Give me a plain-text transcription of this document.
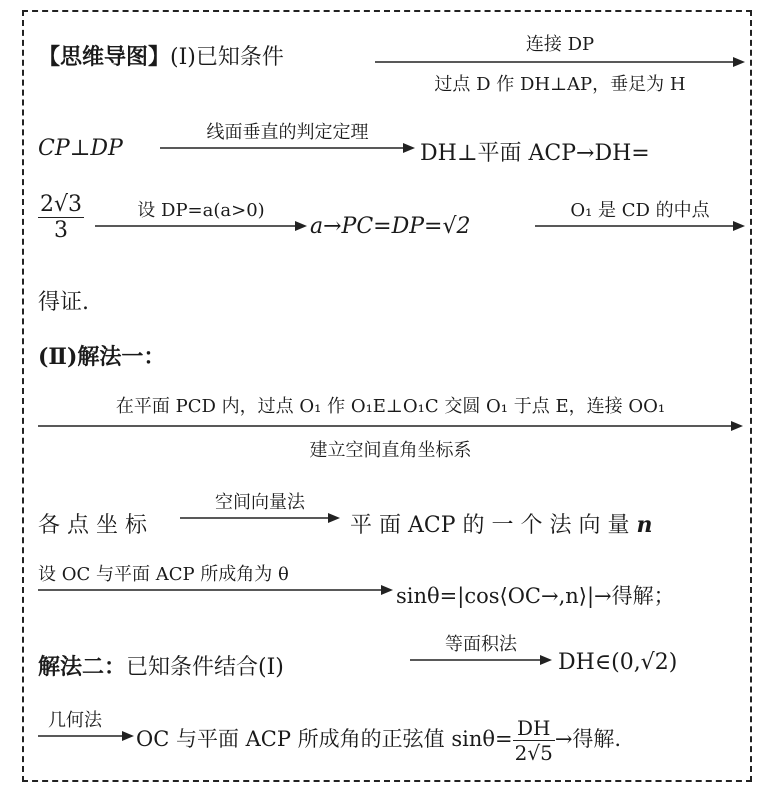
【思维导图】(Ⅰ)已知条件
连接 DP
过点 D 作 DH⊥AP，垂足为 H
CP⊥DP
线面垂直的判定定理
DH⊥平面 ACP→DH=
$\frac{2√3}{3}$	设 DP=a(a>0)
a→PC=DP=√2
O₁ 是 CD 的中点
得证.
(Ⅱ)解法一：
在平面 PCD 内，过点 O₁ 作 O₁E⊥O₁C 交圆 O₁ 于点 E，连接 OO₁
建立空间直角坐标系
各 点 坐 标
空间向量法
平 面 ACP 的 一 个 法 向 量 n
设 OC 与平面 ACP 所成角为 θ
sinθ=|cos⟨OC→,n⟩|→得解；
解法二：已知条件结合(Ⅰ)
等面积法
DH∈(0,√2)
几何法
OC 与平面 ACP 所成角的正弦值 $\sin\theta= \frac{DH}{2√5}$ →得解.
